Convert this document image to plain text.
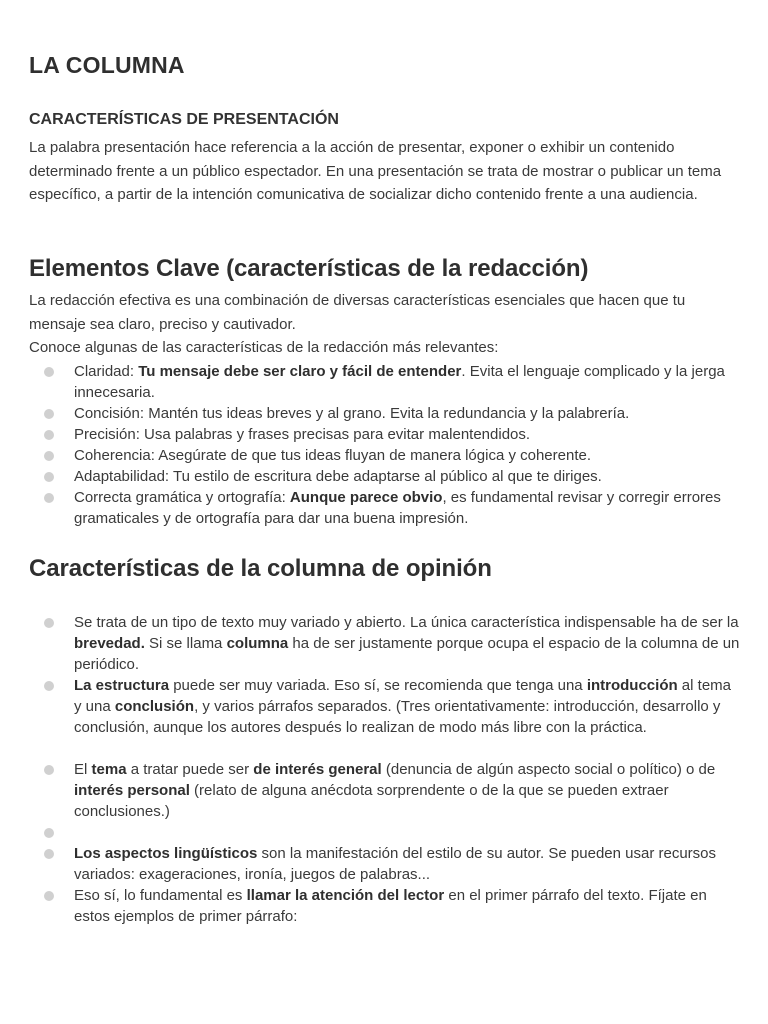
LA COLUMNA
CARACTERÍSTICAS DE PRESENTACIÓN

La palabra presentación hace referencia a la acción de presentar, exponer o exhibir un contenido determinado frente a un público espectador. En una presentación se trata de mostrar o publicar un tema específico, a partir de la intención comunicativa de socializar dicho contenido frente a una audiencia.

Elementos Clave (características de la redacción)

La redacción efectiva es una combinación de diversas características esenciales que hacen que tu mensaje sea claro, preciso y cautivador.

Conoce algunas de las características de la redacción más relevantes:

Claridad: Tu mensaje debe ser claro y fácil de entender. Evita el lenguaje complicado y la jerga innecesaria.
Concisión: Mantén tus ideas breves y al grano. Evita la redundancia y la palabrería.
Precisión: Usa palabras y frases precisas para evitar malentendidos.
Coherencia: Asegúrate de que tus ideas fluyan de manera lógica y coherente.
Adaptabilidad: Tu estilo de escritura debe adaptarse al público al que te diriges.
Correcta gramática y ortografía: Aunque parece obvio, es fundamental revisar y corregir errores gramaticales y de ortografía para dar una buena impresión.
Características de la columna de opinión
Se trata de un tipo de texto muy variado y abierto. La única característica indispensable ha de ser la brevedad. Si se llama columna ha de ser justamente porque ocupa el espacio de la columna de un periódico.
La estructura puede ser muy variada. Eso sí, se recomienda que tenga una introducción al tema y una conclusión, y varios párrafos separados. (Tres orientativamente: introducción, desarrollo y conclusión, aunque los autores después lo realizan de modo más libre con la práctica.
El tema a tratar puede ser de interés general (denuncia de algún aspecto social o político) o de interés personal (relato de alguna anécdota sorprendente o de la que se pueden extraer conclusiones.)
Los aspectos lingüísticos son la manifestación del estilo de su autor. Se pueden usar recursos variados: exageraciones, ironía, juegos de palabras...
Eso sí, lo fundamental es llamar la atención del lector en el primer párrafo del texto. Fíjate en estos ejemplos de primer párrafo:
